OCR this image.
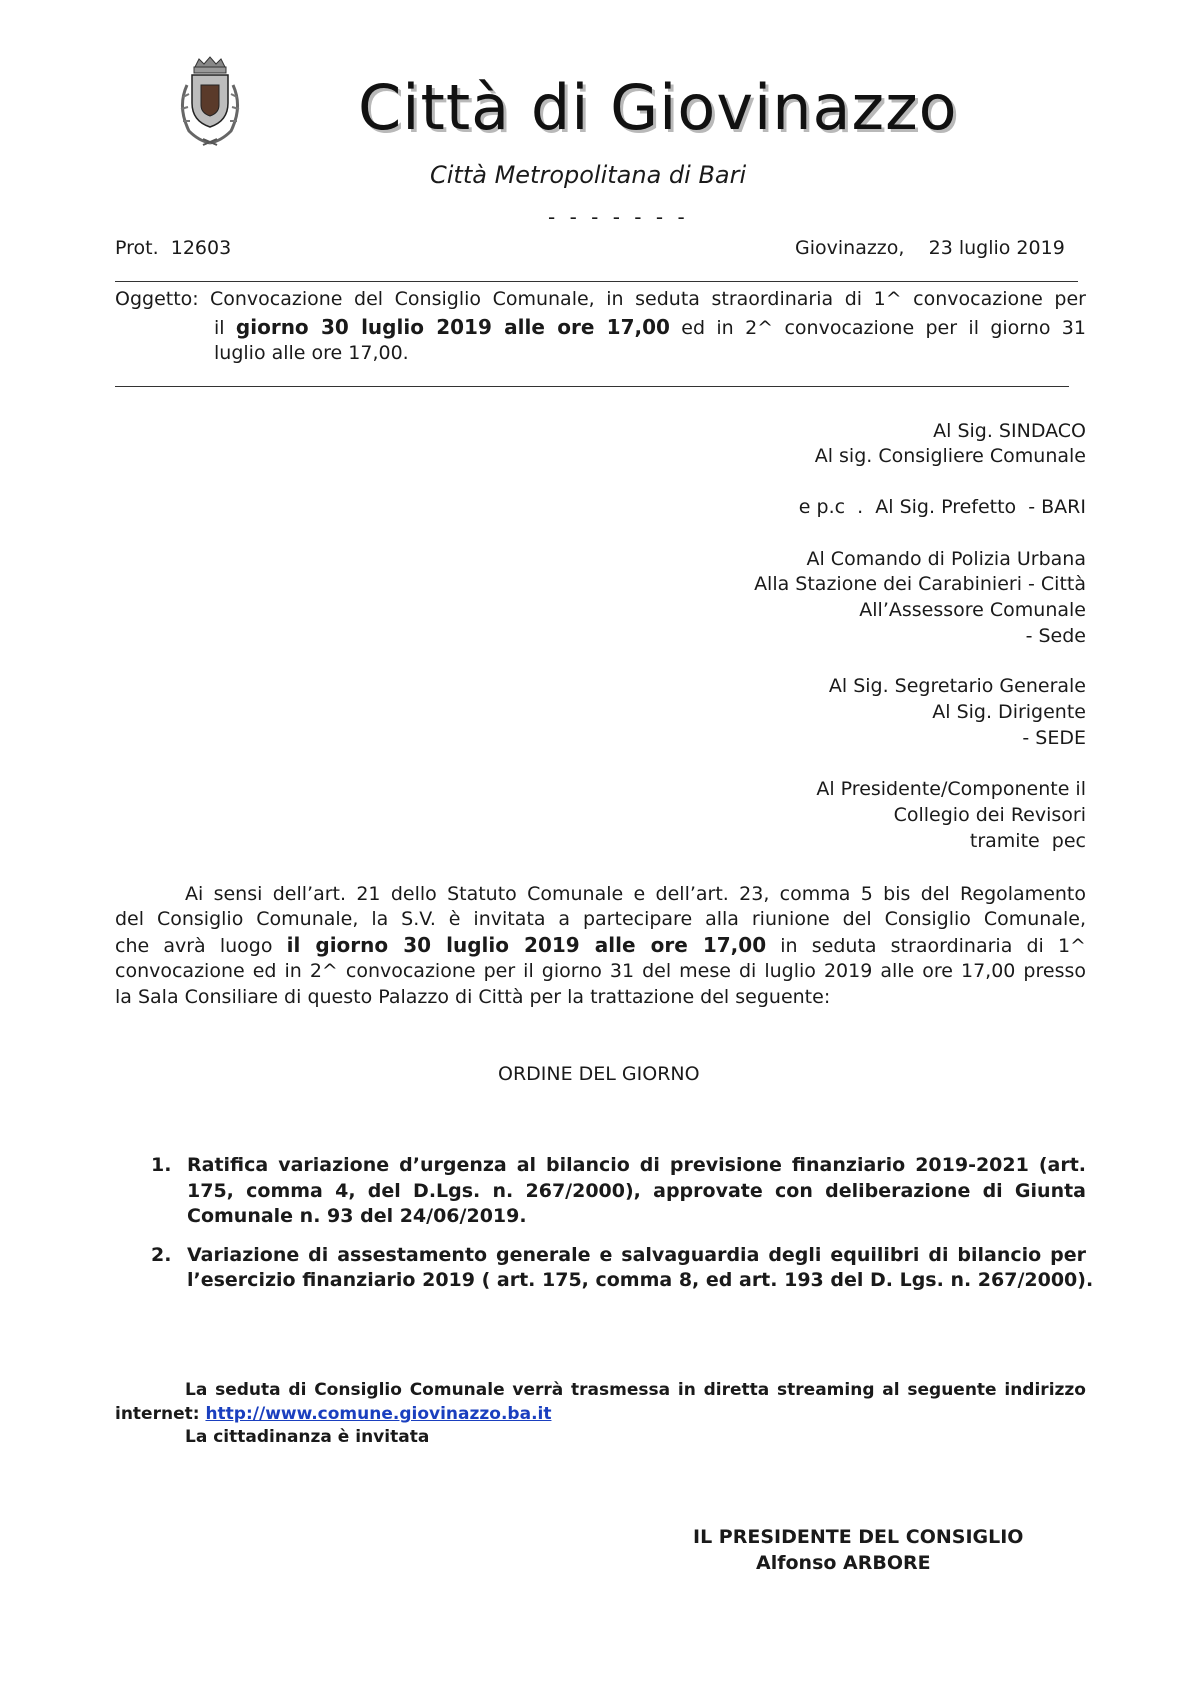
Città di Giovinazzo
Città Metropolitana di Bari
- - - - - - -
Prot. 12603	Giovinazzo,    23 luglio 2019
Oggetto: Convocazione del Consiglio Comunale, in seduta straordinaria di 1^ convocazione per
il giorno 30 luglio 2019 alle ore 17,00 ed in 2^ convocazione per il giorno 31
luglio alle ore 17,00.
Al Sig. SINDACO
Al sig. Consigliere Comunale
e p.c  .  Al Sig. Prefetto  - BARI
Al Comando di Polizia Urbana
Alla Stazione dei Carabinieri - Città
All’Assessore Comunale
- Sede
Al Sig. Segretario Generale
Al Sig. Dirigente
- SEDE
Al Presidente/Componente il
Collegio dei Revisori
tramite  pec
Ai sensi dell’art. 21 dello Statuto Comunale e dell’art. 23, comma 5 bis del Regolamento
del Consiglio Comunale, la S.V. è invitata a partecipare alla riunione del Consiglio Comunale,
che avrà luogo il giorno 30 luglio 2019 alle ore 17,00 in seduta straordinaria di 1^
convocazione ed in 2^ convocazione per il giorno 31 del mese di luglio 2019 alle ore 17,00 presso
la Sala Consiliare di questo Palazzo di Città per la trattazione del seguente:
ORDINE DEL GIORNO
1. Ratifica variazione d’urgenza al bilancio di previsione finanziario 2019-2021 (art.
175, comma 4, del D.Lgs. n. 267/2000), approvate con deliberazione di Giunta
Comunale n. 93 del 24/06/2019.
2. Variazione di assestamento generale e salvaguardia degli equilibri di bilancio per
l’esercizio finanziario 2019 ( art. 175, comma 8, ed art. 193 del D. Lgs. n. 267/2000).
La seduta di Consiglio Comunale verrà trasmessa in diretta streaming al seguente indirizzo
internet: http://www.comune.giovinazzo.ba.it
La cittadinanza è invitata
IL PRESIDENTE DEL CONSIGLIO
Alfonso ARBORE
